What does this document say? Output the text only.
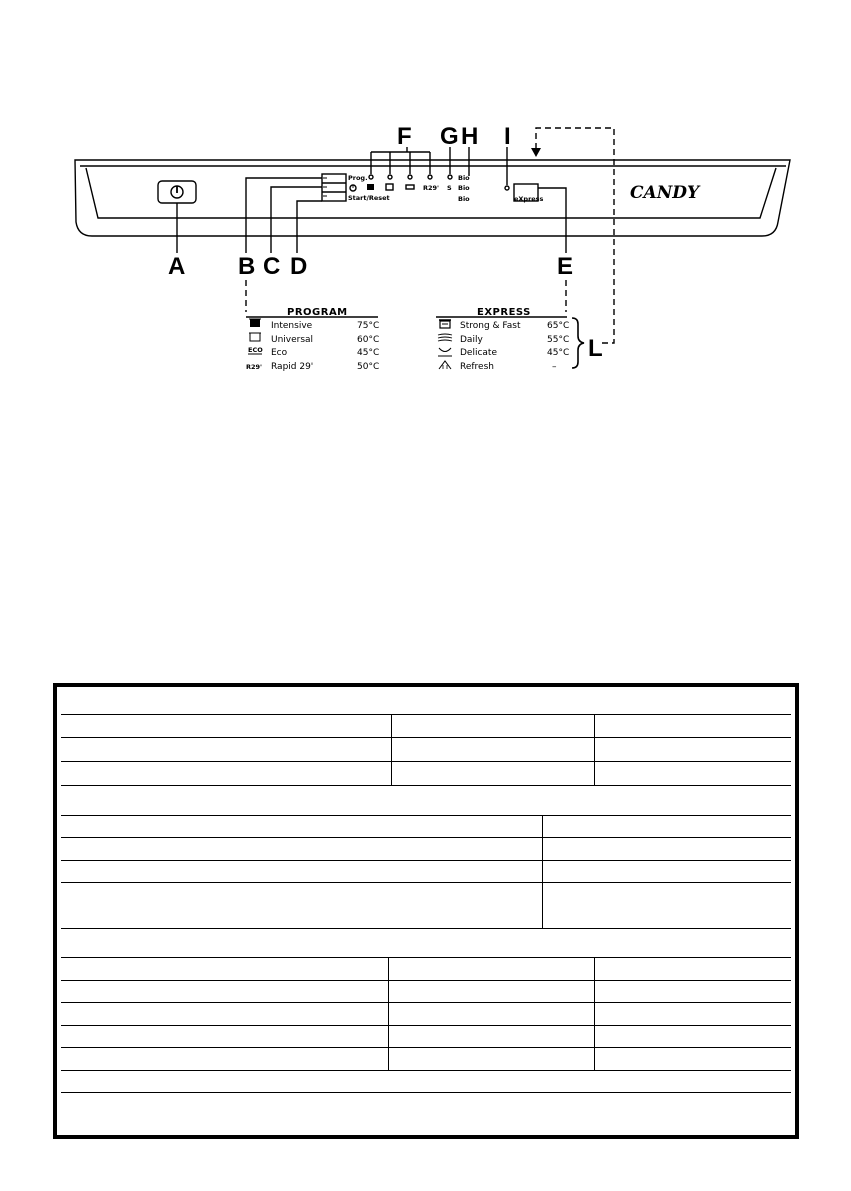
Prog.
Start/Reset
R29' S
Bio
Bio
Bio	eXpress	CANDY
F G H I
A B C D	E
L
PROGRAM
Intensive	75°C
Universal	60°C
ECO Eco	45°C
R29' Rapid 29'	50°C
EXPRESS
Strong & Fast	65°C
Daily	55°C
Delicate	45°C
Refresh	–
